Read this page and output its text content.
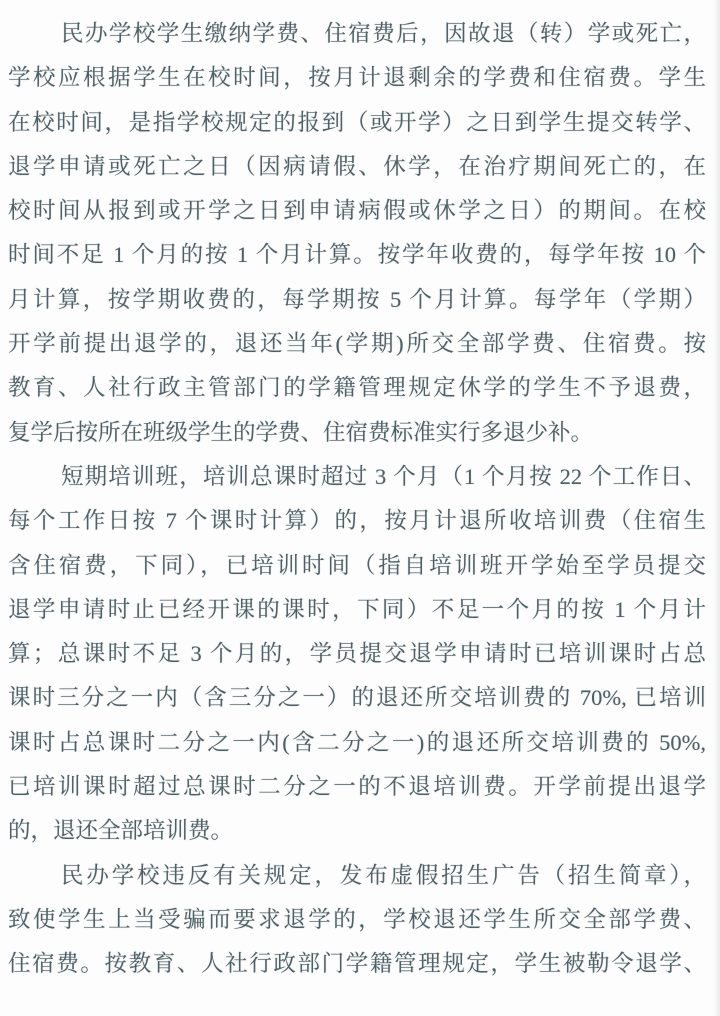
民办学校学生缴纳学费、住宿费后，因故退（转）学或死亡，
学校应根据学生在校时间，按月计退剩余的学费和住宿费。学生
在校时间，是指学校规定的报到（或开学）之日到学生提交转学、
退学申请或死亡之日（因病请假、休学，在治疗期间死亡的，在
校时间从报到或开学之日到申请病假或休学之日）的期间。在校
时间不足 1 个月的按 1 个月计算。按学年收费的，每学年按 10 个
月计算，按学期收费的，每学期按 5 个月计算。每学年（学期）
开学前提出退学的，退还当年(学期)所交全部学费、住宿费。按
教育、人社行政主管部门的学籍管理规定休学的学生不予退费，
复学后按所在班级学生的学费、住宿费标准实行多退少补。
短期培训班，培训总课时超过 3 个月（1 个月按 22 个工作日、
每个工作日按 7 个课时计算）的，按月计退所收培训费（住宿生
含住宿费，下同），已培训时间（指自培训班开学始至学员提交
退学申请时止已经开课的课时，下同）不足一个月的按 1 个月计
算；总课时不足 3 个月的，学员提交退学申请时已培训课时占总
课时三分之一内（含三分之一）的退还所交培训费的 70%, 已培训
课时占总课时二分之一内(含二分之一)的退还所交培训费的 50%,
已培训课时超过总课时二分之一的不退培训费。开学前提出退学
的，退还全部培训费。
民办学校违反有关规定，发布虚假招生广告（招生简章），
致使学生上当受骗而要求退学的，学校退还学生所交全部学费、
住宿费。按教育、人社行政部门学籍管理规定，学生被勒令退学、
